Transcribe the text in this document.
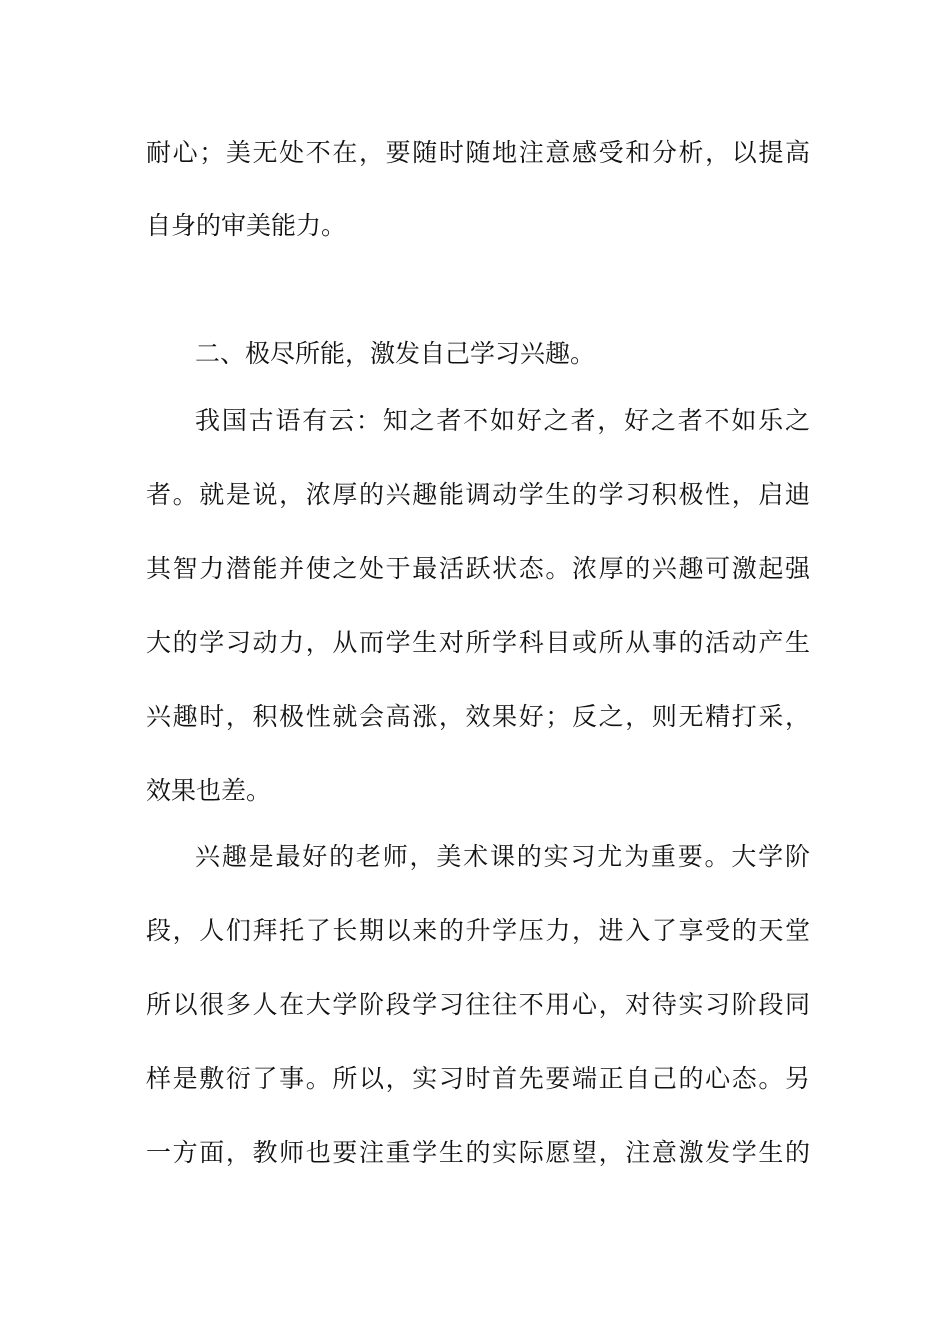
耐心；美无处不在，要随时随地注意感受和分析，以提高

自身的审美能力。

二、极尽所能，激发自己学习兴趣。

我国古语有云：知之者不如好之者，好之者不如乐之

者。就是说，浓厚的兴趣能调动学生的学习积极性，启迪

其智力潜能并使之处于最活跃状态。浓厚的兴趣可激起强

大的学习动力，从而学生对所学科目或所从事的活动产生

兴趣时，积极性就会高涨，效果好；反之，则无精打采，

效果也差。

兴趣是最好的老师，美术课的实习尤为重要。大学阶

段，人们拜托了长期以来的升学压力，进入了享受的天堂

所以很多人在大学阶段学习往往不用心，对待实习阶段同

样是敷衍了事。所以，实习时首先要端正自己的心态。另

一方面，教师也要注重学生的实际愿望，注意激发学生的
